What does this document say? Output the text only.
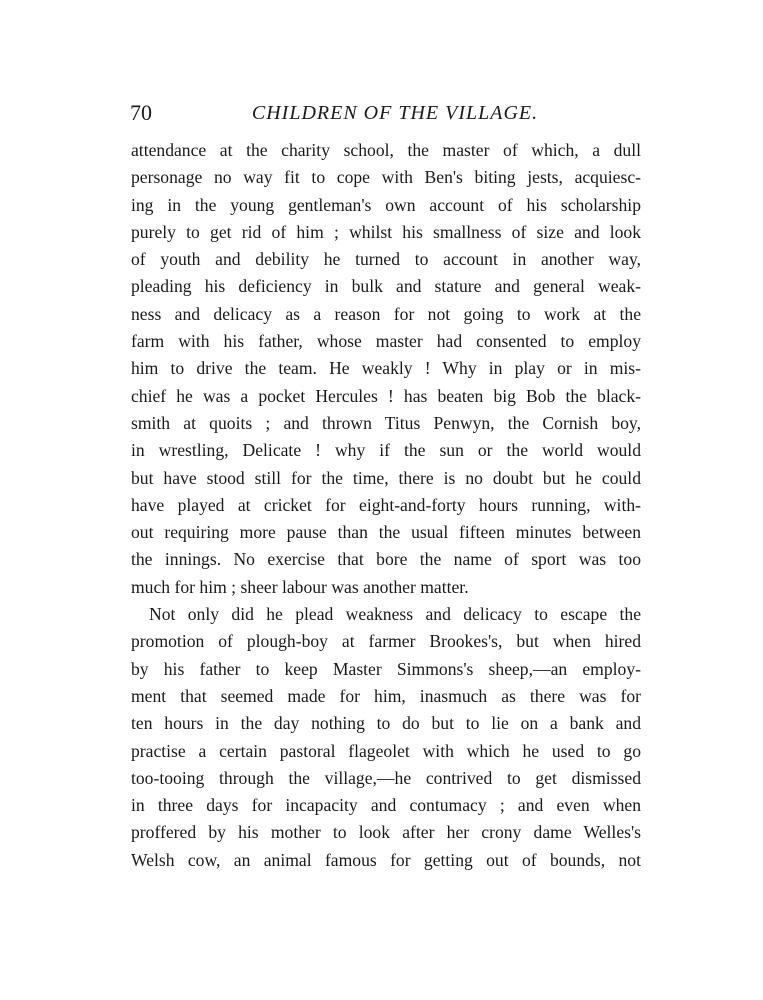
70	CHILDREN OF THE VILLAGE.
attendance at the charity school, the master of which, a dull
personage no way fit to cope with Ben's biting jests, acquiesc-
ing in the young gentleman's own account of his scholarship
purely to get rid of him ; whilst his smallness of size and look
of youth and debility he turned to account in another way,
pleading his deficiency in bulk and stature and general weak-
ness and delicacy as a reason for not going to work at the
farm with his father, whose master had consented to employ
him to drive the team. He weakly ! Why in play or in mis-
chief he was a pocket Hercules ! has beaten big Bob the black-
smith at quoits ; and thrown Titus Penwyn, the Cornish boy,
in wrestling, Delicate ! why if the sun or the world would
but have stood still for the time, there is no doubt but he could
have played at cricket for eight-and-forty hours running, with-
out requiring more pause than the usual fifteen minutes between
the innings. No exercise that bore the name of sport was too
much for him ; sheer labour was another matter.
Not only did he plead weakness and delicacy to escape the
promotion of plough-boy at farmer Brookes's, but when hired
by his father to keep Master Simmons's sheep,—an employ-
ment that seemed made for him, inasmuch as there was for
ten hours in the day nothing to do but to lie on a bank and
practise a certain pastoral flageolet with which he used to go
too-tooing through the village,—he contrived to get dismissed
in three days for incapacity and contumacy ; and even when
proffered by his mother to look after her crony dame Welles's
Welsh cow, an animal famous for getting out of bounds, not
